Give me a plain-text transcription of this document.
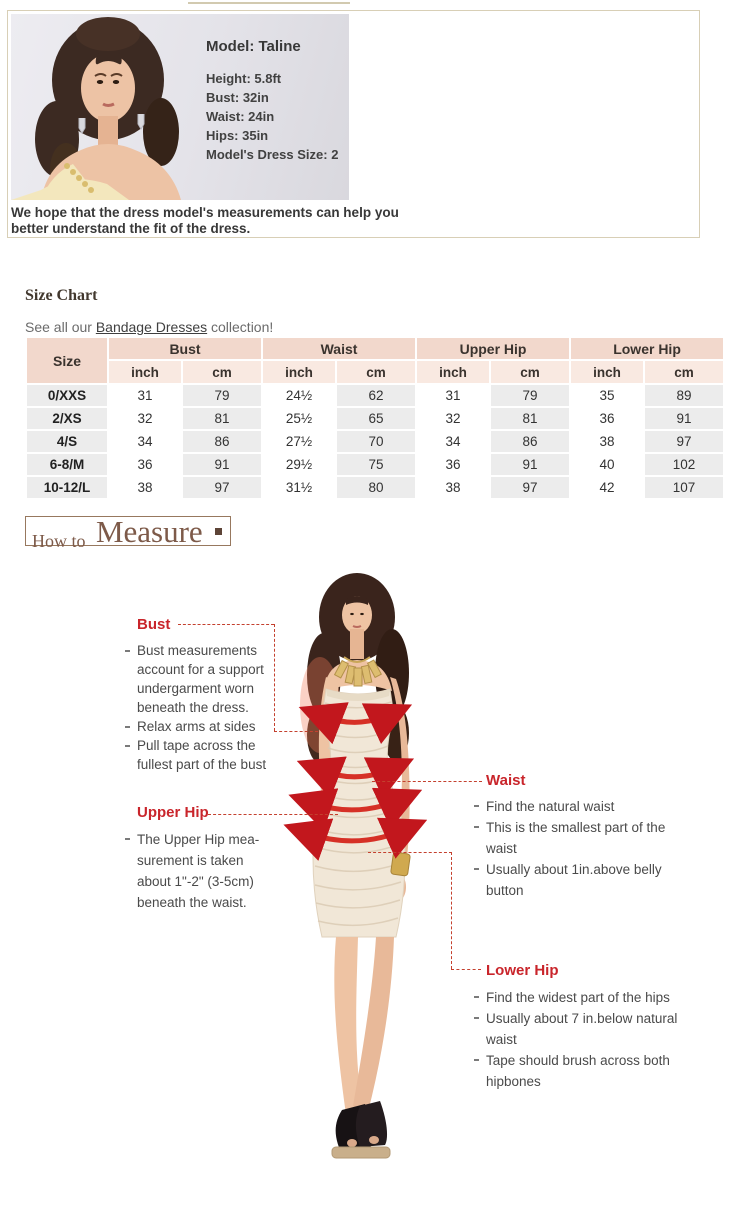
Model: Taline
Height: 5.8ft
Bust: 32in
Waist: 24in
Hips: 35in
Model's Dress Size: 2
We hope that the dress model's measurements can help you better understand the fit of the dress.
Size Chart
See all our Bandage Dresses collection!
Size	Bust		Waist		Upper Hip		Lower Hip	
	inch	cm	inch	cm	inch	cm	inch	cm
0/XXS	31	79	24½	62	31	79	35	89
2/XS	32	81	25½	65	32	81	36	91
4/S	34	86	27½	70	34	86	38	97
6-8/M	36	91	29½	75	36	91	40	102
10-12/L	38	97	31½	80	38	97	42	107
How to Measure
Bust
Bust measurements account for a support undergarment worn beneath the dress.
Relax arms at sides
Pull tape across the fullest part of the bust
Upper Hip
The Upper Hip mea-surement is taken about 1"-2" (3-5cm) beneath the waist.
Waist
Find the natural waist
This is the smallest part of the waist
Usually about 1in.above belly button
Lower Hip
Find the widest part of the hips
Usually about 7 in.below natural waist
Tape should brush across both hipbones
